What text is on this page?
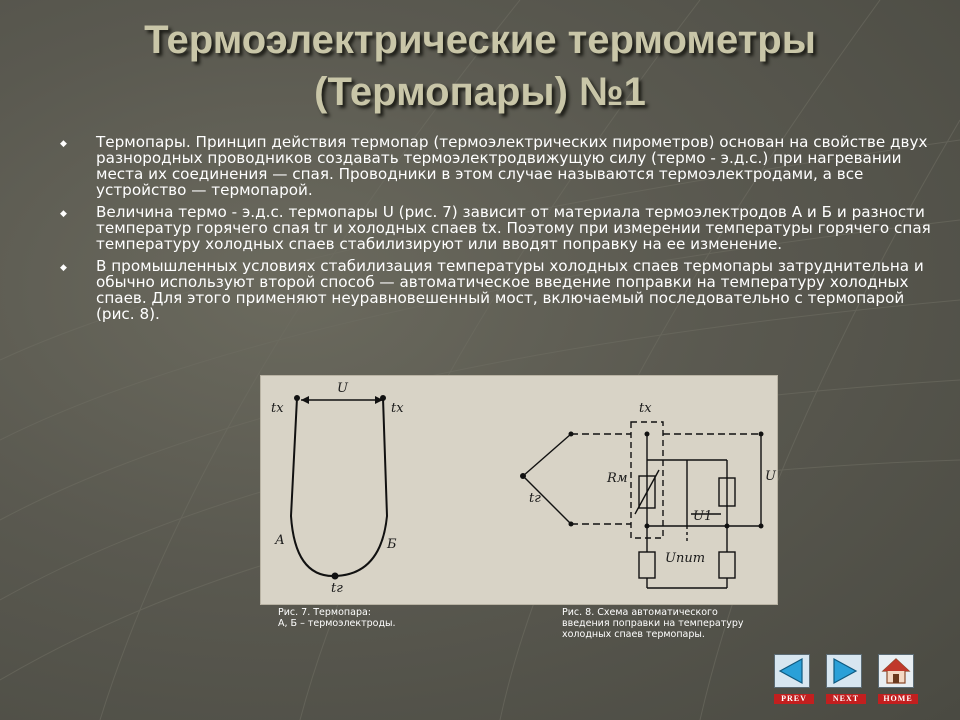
Термоэлектрические термометры
(Термопары) №1
◆ Термопары. Принцип действия термопар (термоэлектрических пирометров) основан на свойстве двух разнородных проводников создавать термоэлектродвижущую силу (термо - э.д.с.) при нагревании места их соединения — спая. Проводники в этом случае называются термоэлектродами, а все устройство — термопарой.
◆ Величина термо - э.д.с. термопары U (рис. 7) зависит от материала термоэлектродов А и Б и разности температур горячего спая tг и холодных спаев tх. Поэтому при измерении температуры горячего спая температуру холодных спаев стабилизируют или вводят поправку на ее изменение.
◆ В промышленных условиях стабилизация температуры холодных спаев термопары затруднительна и обычно используют второй способ — автоматическое введение поправки на температуру холодных спаев. Для этого применяют неуравновешенный мост, включаемый последовательно с термопарой (рис. 8).
U
tx	tx
А	Б
tг
tx
tг
Rм	U
U1
Uпит
Рис. 7. Термопара:
А, Б – термоэлектроды.
Рис. 8. Схема автоматического
введения поправки на температуру
холодных спаев термопары.
PREV	NEXT	HOME
